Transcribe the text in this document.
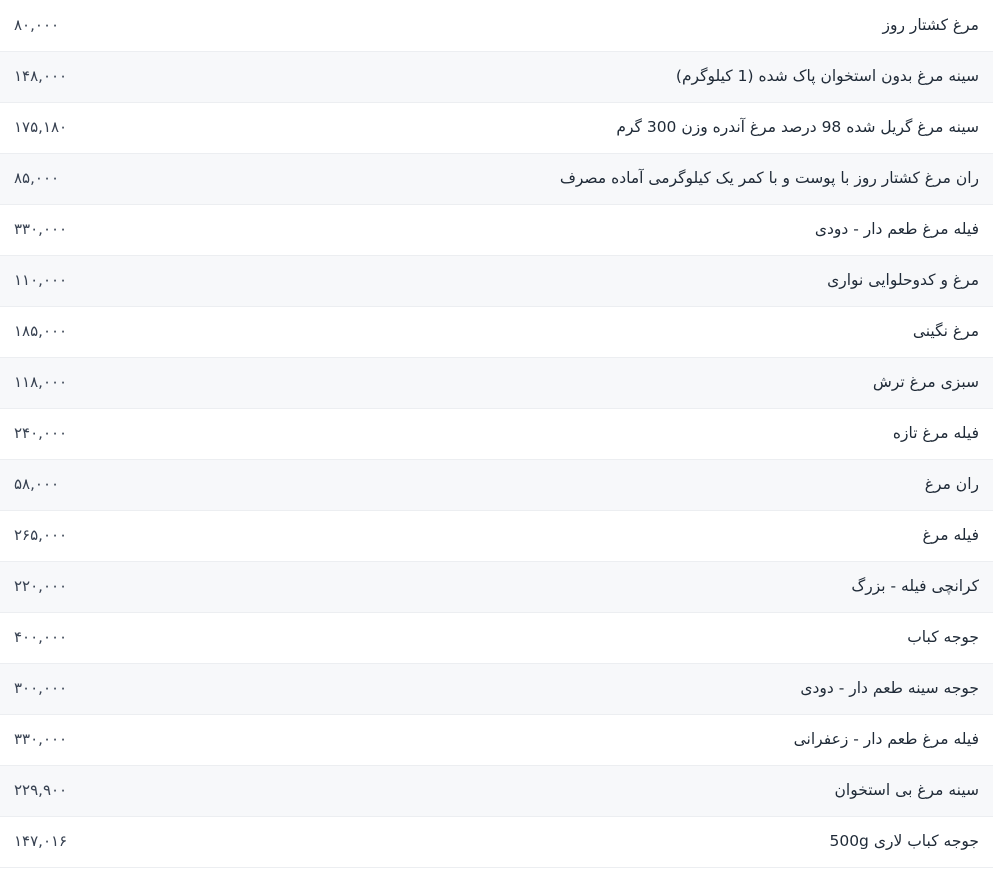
مرغ کشتار روز	۸۰,۰۰۰
سینه مرغ بدون استخوان پاک شده (1 کیلوگرم)	۱۴۸,۰۰۰
سینه مرغ گریل شده 98 درصد مرغ آندره وزن 300 گرم	۱۷۵,۱۸۰
ران مرغ کشتار روز با پوست و با کمر یک کیلوگرمی آماده مصرف	۸۵,۰۰۰
فیله مرغ طعم دار - دودی	۳۳۰,۰۰۰
مرغ و کدوحلوایی نواری	۱۱۰,۰۰۰
مرغ نگینی	۱۸۵,۰۰۰
سبزی مرغ ترش	۱۱۸,۰۰۰
فیله مرغ تازه	۲۴۰,۰۰۰
ران مرغ	۵۸,۰۰۰
فیله مرغ	۲۶۵,۰۰۰
کرانچی فیله - بزرگ	۲۲۰,۰۰۰
جوجه کباب	۴۰۰,۰۰۰
جوجه سینه طعم دار - دودی	۳۰۰,۰۰۰
فیله مرغ طعم دار - زعفرانی	۳۳۰,۰۰۰
سینه مرغ بی استخوان	۲۲۹,۹۰۰
جوجه کباب لاری 500g	۱۴۷,۰۱۶
